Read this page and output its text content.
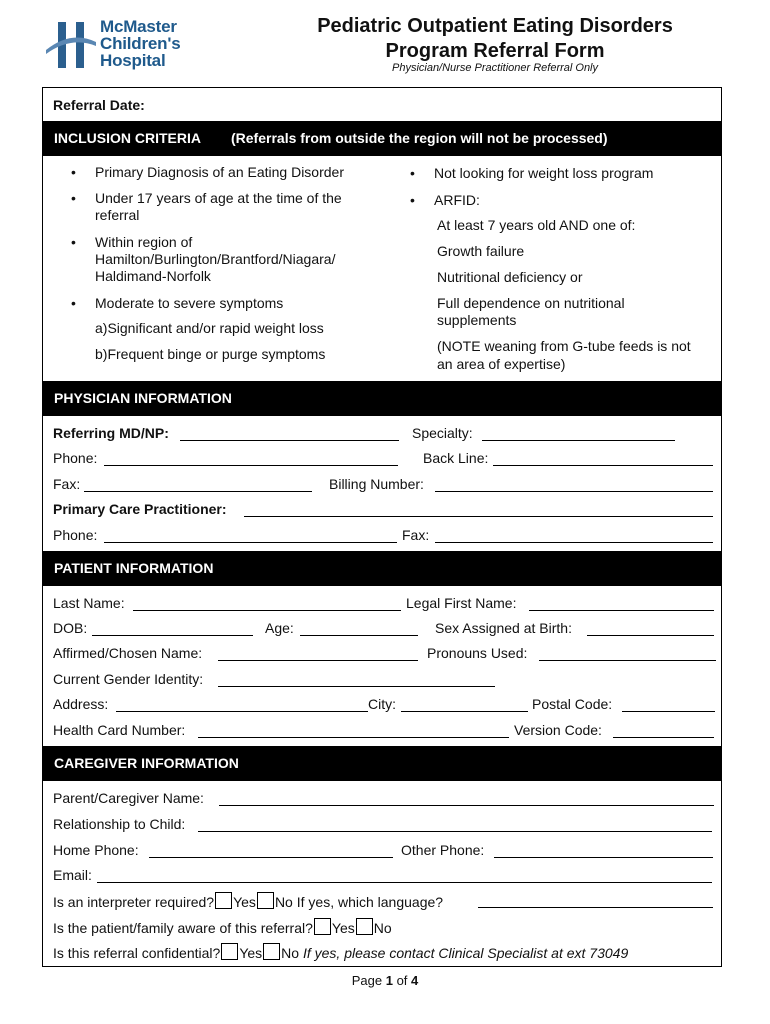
McMaster
Children's
Hospital
Pediatric Outpatient Eating Disorders
Program Referral Form
Physician/Nurse Practitioner Referral Only
Referral Date:
INCLUSION CRITERIA (Referrals from outside the region will not be processed)
• Primary Diagnosis of an Eating Disorder
• Under 17 years of age at the time of the
referral
• Within region of
Hamilton/Burlington/Brantford/Niagara/
Haldimand-Norfolk
• Moderate to severe symptoms
a)Significant and/or rapid weight loss
b)Frequent binge or purge symptoms
• Not looking for weight loss program
• ARFID:
At least 7 years old AND one of:
Growth failure
Nutritional deficiency or
Full dependence on nutritional
supplements
(NOTE weaning from G-tube feeds is not
an area of expertise)
PHYSICIAN INFORMATION
Referring MD/NP:	Specialty:
Phone:	Back Line:
Fax:	Billing Number:
Primary Care Practitioner:
Phone:	Fax:
PATIENT INFORMATION
Last Name:	Legal First Name:
DOB:	Age:	Sex Assigned at Birth:
Affirmed/Chosen Name:	Pronouns Used:
Current Gender Identity:
Address:	City:	Postal Code:
Health Card Number:	Version Code:
CAREGIVER INFORMATION
Parent/Caregiver Name:
Relationship to Child:
Home Phone:	Other Phone:
Email:
Is an interpreter required? Yes No If yes, which language?
Is the patient/family aware of this referral? Yes No
Is this referral confidential? Yes No If yes, please contact Clinical Specialist at ext 73049
Page 1 of 4
